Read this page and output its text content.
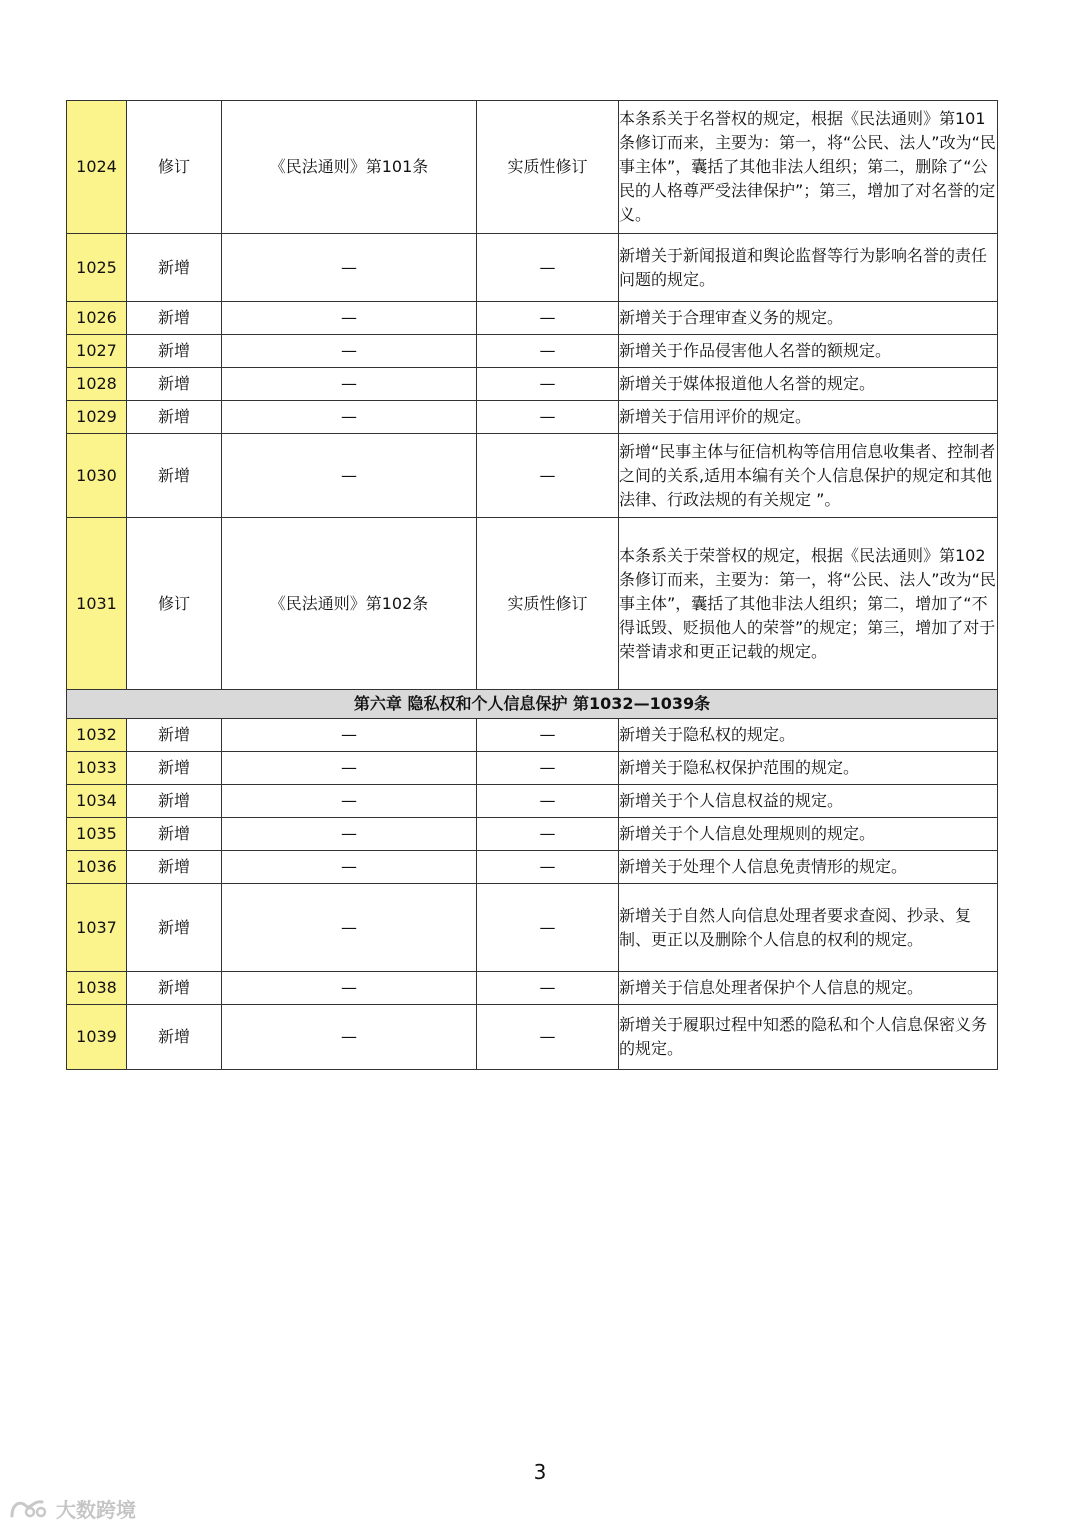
1024	修订	《民法通则》第101条	实质性修订	本条系关于名誉权的规定，根据《民法通则》第101条修订而来，主要为：第一，将“公民、法人”改为“民事主体”，囊括了其他非法人组织；第二，删除了“公民的人格尊严受法律保护”；第三，增加了对名誉的定义。
1025	新增	—	—	新增关于新闻报道和舆论监督等行为影响名誉的责任问题的规定。
1026	新增	—	—	新增关于合理审查义务的规定。
1027	新增	—	—	新增关于作品侵害他人名誉的额规定。
1028	新增	—	—	新增关于媒体报道他人名誉的规定。
1029	新增	—	—	新增关于信用评价的规定。
1030	新增	—	—	新增“民事主体与征信机构等信用信息收集者、控制者之间的关系,适用本编有关个人信息保护的规定和其他法律、行政法规的有关规定 ”。
1031	修订	《民法通则》第102条	实质性修订	本条系关于荣誉权的规定，根据《民法通则》第102条修订而来，主要为：第一，将“公民、法人”改为“民事主体”，囊括了其他非法人组织；第二，增加了“不得诋毁、贬损他人的荣誉”的规定；第三，增加了对于荣誉请求和更正记载的规定。
第六章 隐私权和个人信息保护 第1032—1039条				
1032	新增	—	—	新增关于隐私权的规定。
1033	新增	—	—	新增关于隐私权保护范围的规定。
1034	新增	—	—	新增关于个人信息权益的规定。
1035	新增	—	—	新增关于个人信息处理规则的规定。
1036	新增	—	—	新增关于处理个人信息免责情形的规定。
1037	新增	—	—	新增关于自然人向信息处理者要求查阅、抄录、复制、更正以及删除个人信息的权利的规定。
1038	新增	—	—	新增关于信息处理者保护个人信息的规定。
1039	新增	—	—	新增关于履职过程中知悉的隐私和个人信息保密义务的规定。
3
大数跨境
